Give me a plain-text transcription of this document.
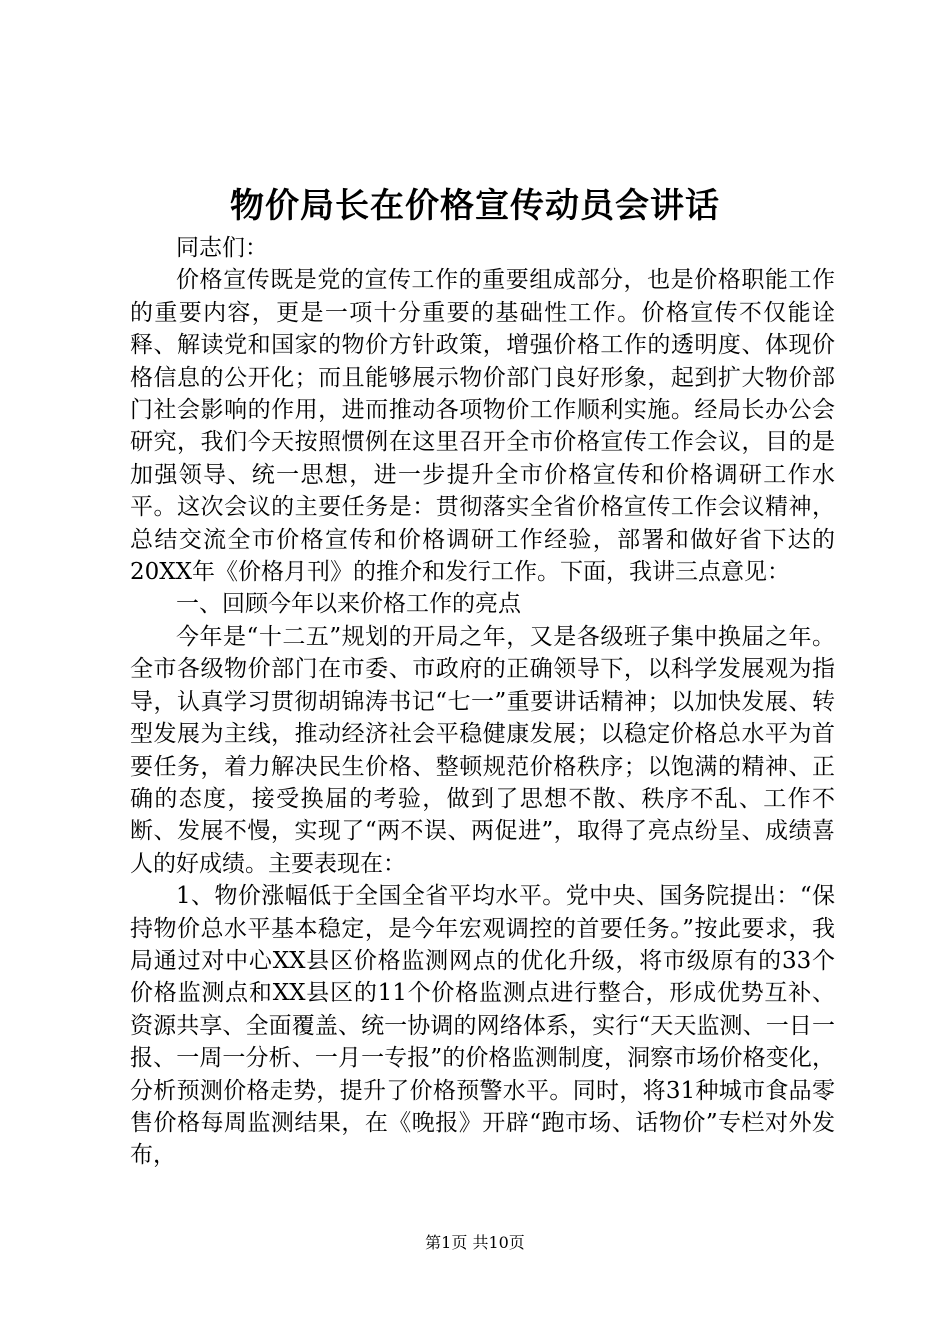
物价局长在价格宣传动员会讲话

同志们：

价格宣传既是党的宣传工作的重要组成部分，也是价格职能工作的重要内容，更是一项十分重要的基础性工作。价格宣传不仅能诠释、解读党和国家的物价方针政策，增强价格工作的透明度、体现价格信息的公开化；而且能够展示物价部门良好形象，起到扩大物价部门社会影响的作用，进而推动各项物价工作顺利实施。经局长办公会研究，我们今天按照惯例在这里召开全市价格宣传工作会议，目的是加强领导、统一思想，进一步提升全市价格宣传和价格调研工作水平。这次会议的主要任务是：贯彻落实全省价格宣传工作会议精神，总结交流全市价格宣传和价格调研工作经验，部署和做好省下达的20XX年《价格月刊》的推介和发行工作。下面，我讲三点意见：

一、回顾今年以来价格工作的亮点

今年是“十二五”规划的开局之年，又是各级班子集中换届之年。全市各级物价部门在市委、市政府的正确领导下，以科学发展观为指导，认真学习贯彻胡锦涛书记“七一”重要讲话精神；以加快发展、转型发展为主线，推动经济社会平稳健康发展；以稳定价格总水平为首要任务，着力解决民生价格、整顿规范价格秩序；以饱满的精神、正确的态度，接受换届的考验，做到了思想不散、秩序不乱、工作不断、发展不慢，实现了“两不误、两促进”，取得了亮点纷呈、成绩喜人的好成绩。主要表现在：

1、物价涨幅低于全国全省平均水平。党中央、国务院提出：“保持物价总水平基本稳定，是今年宏观调控的首要任务。”按此要求，我局通过对中心XX县区价格监测网点的优化升级，将市级原有的33个价格监测点和XX县区的11个价格监测点进行整合，形成优势互补、资源共享、全面覆盖、统一协调的网络体系，实行“天天监测、一日一报、一周一分析、一月一专报”的价格监测制度，洞察市场价格变化，分析预测价格走势，提升了价格预警水平。同时，将31种城市食品零售价格每周监测结果，在《晚报》开辟“跑市场、话物价”专栏对外发布，

第1页 共10页
